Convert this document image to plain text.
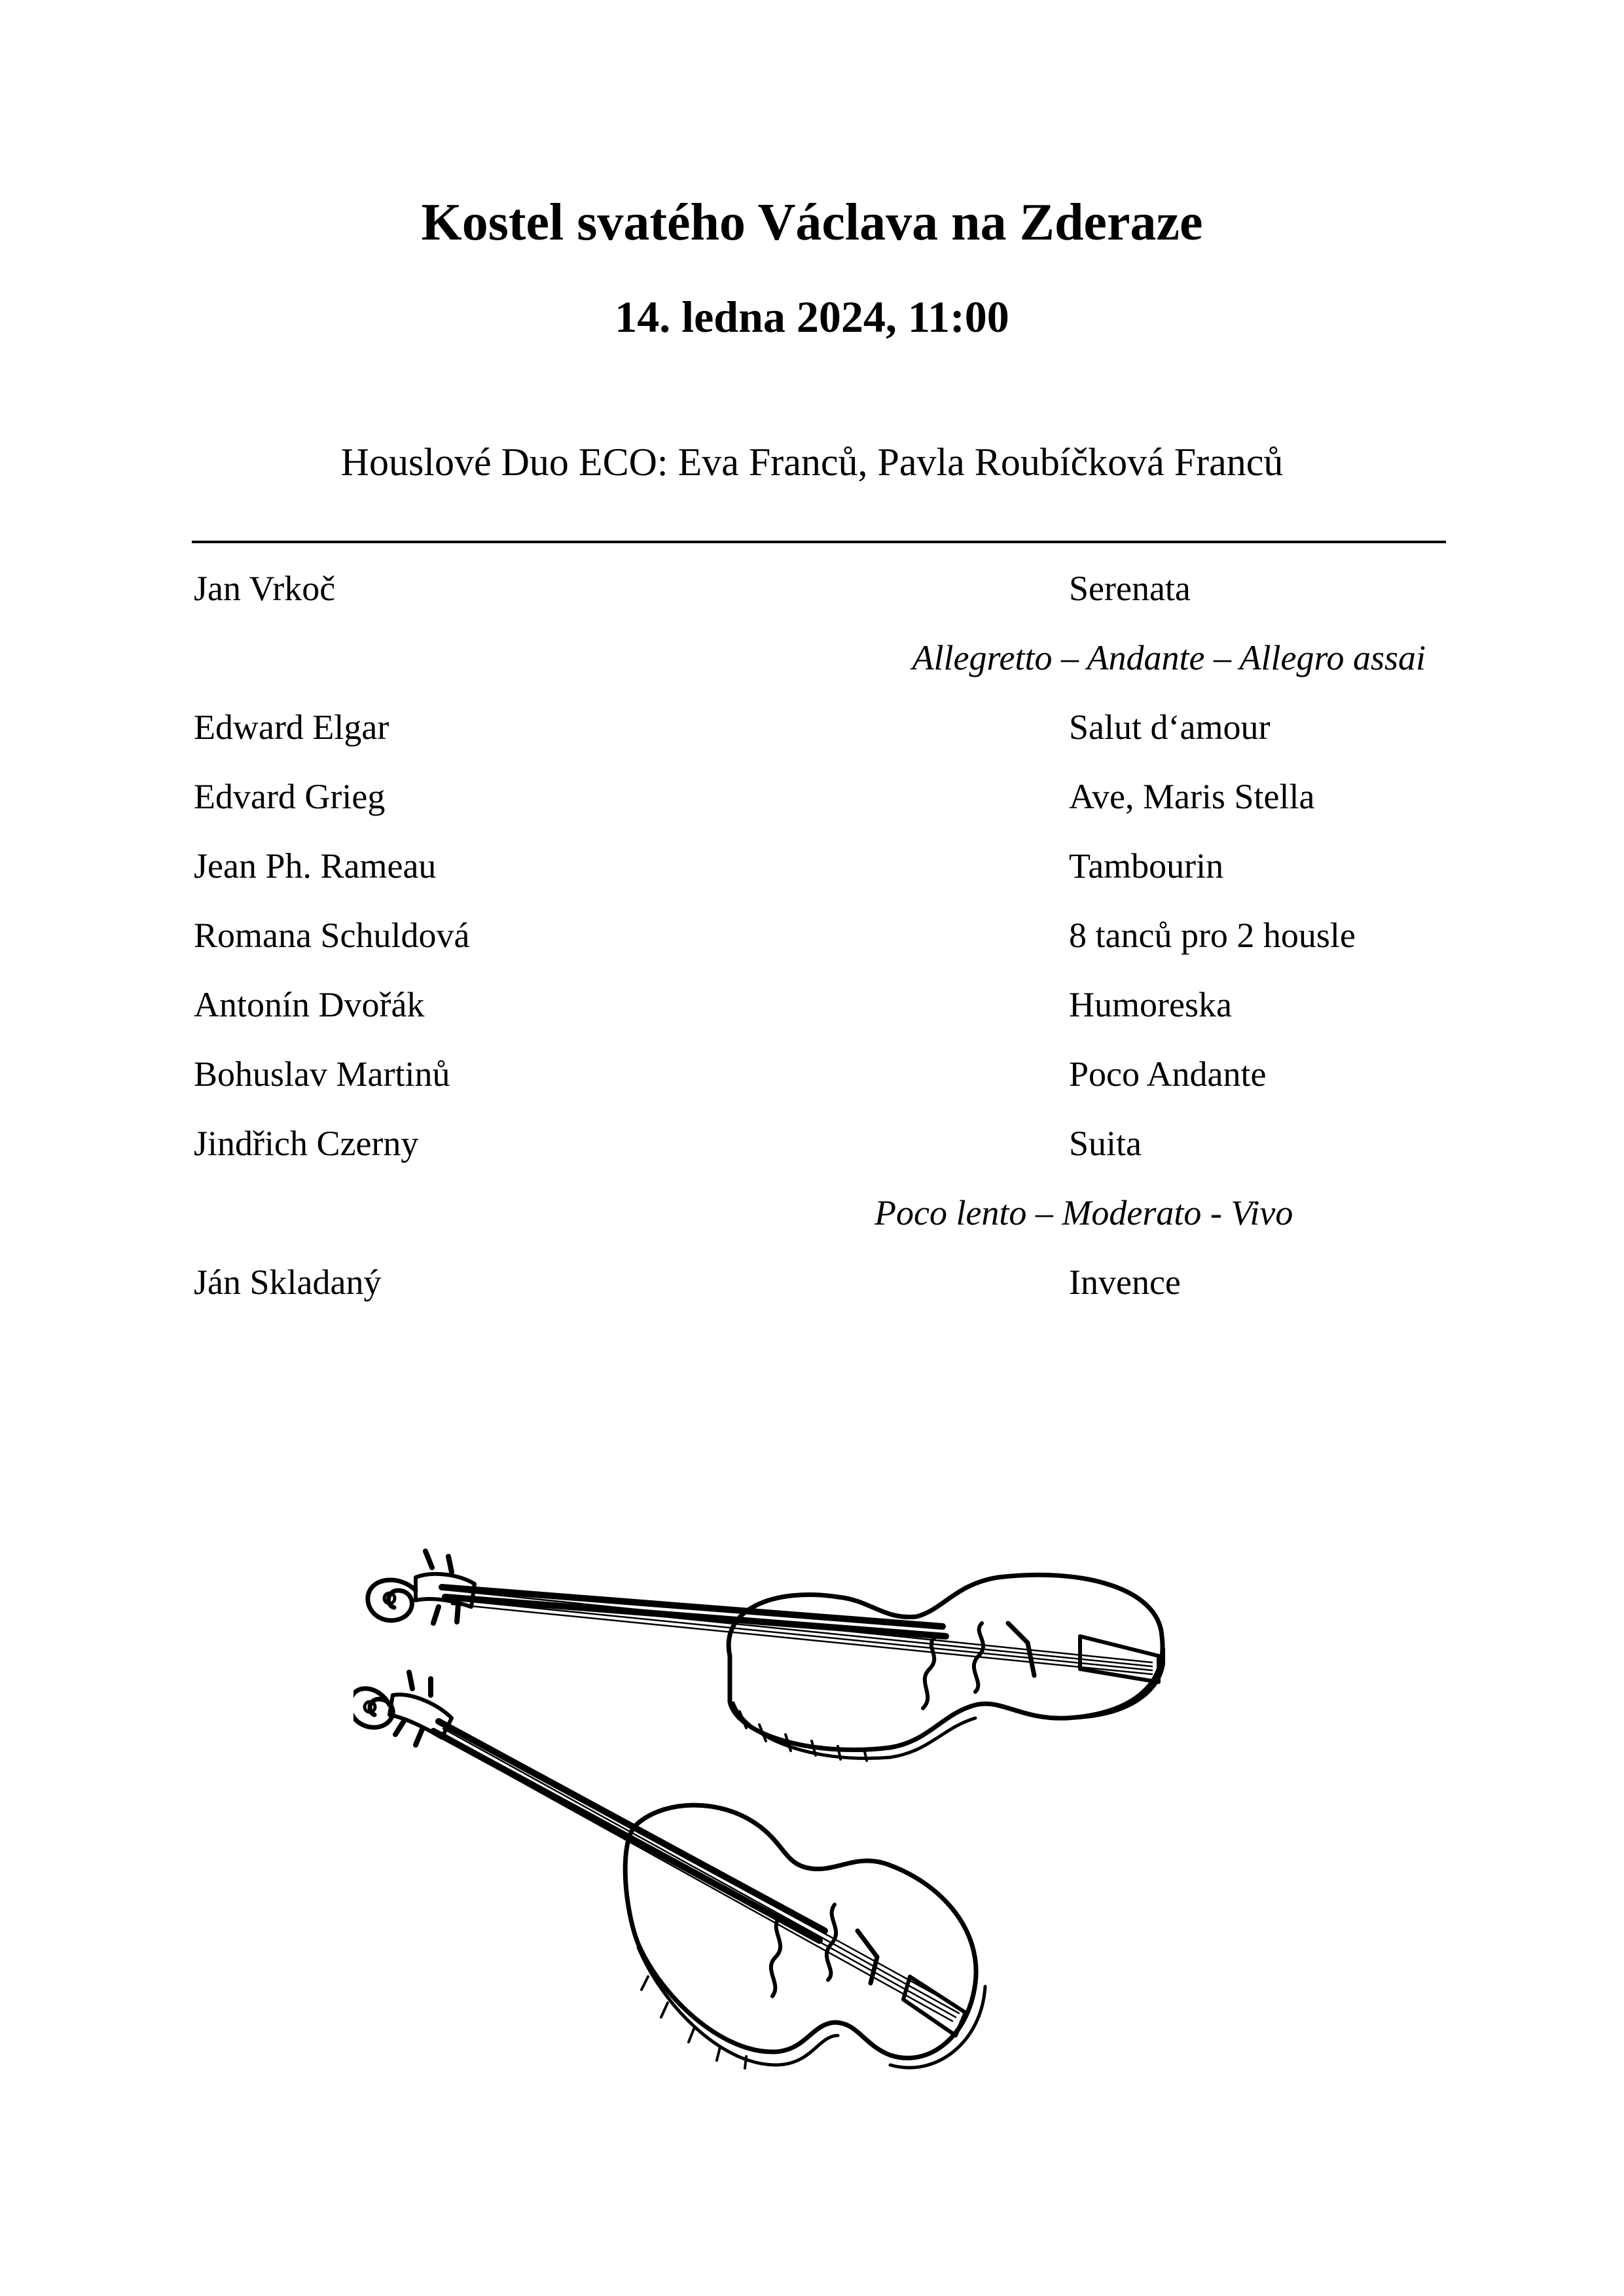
Kostel svatého Václava na Zderaze
14. ledna 2024, 11:00
Houslové Duo ECO: Eva Franců, Pavla Roubíčková Franců
Jan Vrkoč	Serenata
Allegretto – Andante – Allegro assai
Edward Elgar	Salut d‘amour
Edvard Grieg	Ave, Maris Stella
Jean Ph. Rameau	Tambourin
Romana Schuldová	8 tanců pro 2 housle
Antonín Dvořák	Humoreska
Bohuslav Martinů	Poco Andante
Jindřich Czerny	Suita
Poco lento – Moderato - Vivo
Ján Skladaný	Invence
